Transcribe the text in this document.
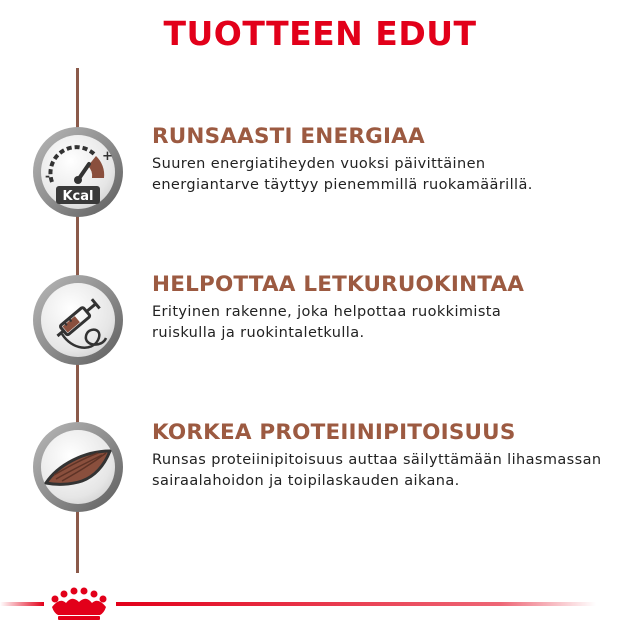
TUOTTEEN EDUT
-
+
Kcal
RUNSAASTI ENERGIAA

Suuren energiatiheyden vuoksi päivittäinen
energiantarve täyttyy pienemmillä ruokamäärillä.

HELPOTTAA LETKURUOKINTAA

Erityinen rakenne, joka helpottaa ruokkimista
ruiskulla ja ruokintaletkulla.

KORKEA PROTEIINIPITOISUUS

Runsas proteiinipitoisuus auttaa säilyttämään lihasmassan
sairaalahoidon ja toipilaskauden aikana.
